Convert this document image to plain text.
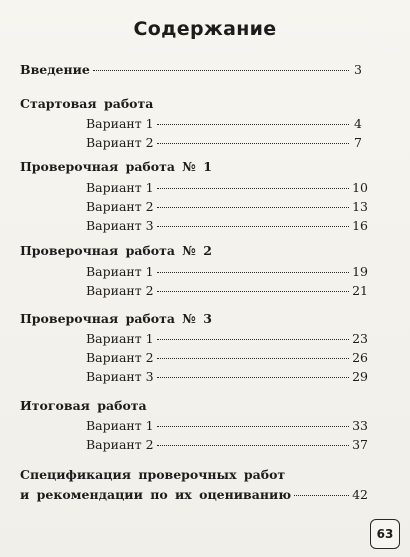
Содержание
Введение	3
Стартовая работа
Вариант 1	4
Вариант 2	7
Проверочная работа № 1
Вариант 1	10
Вариант 2	13
Вариант 3	16
Проверочная работа № 2
Вариант 1	19
Вариант 2	21
Проверочная работа № 3
Вариант 1	23
Вариант 2	26
Вариант 3	29
Итоговая работа
Вариант 1	33
Вариант 2	37
Спецификация проверочных работ
и рекомендации по их оцениванию	42
63
